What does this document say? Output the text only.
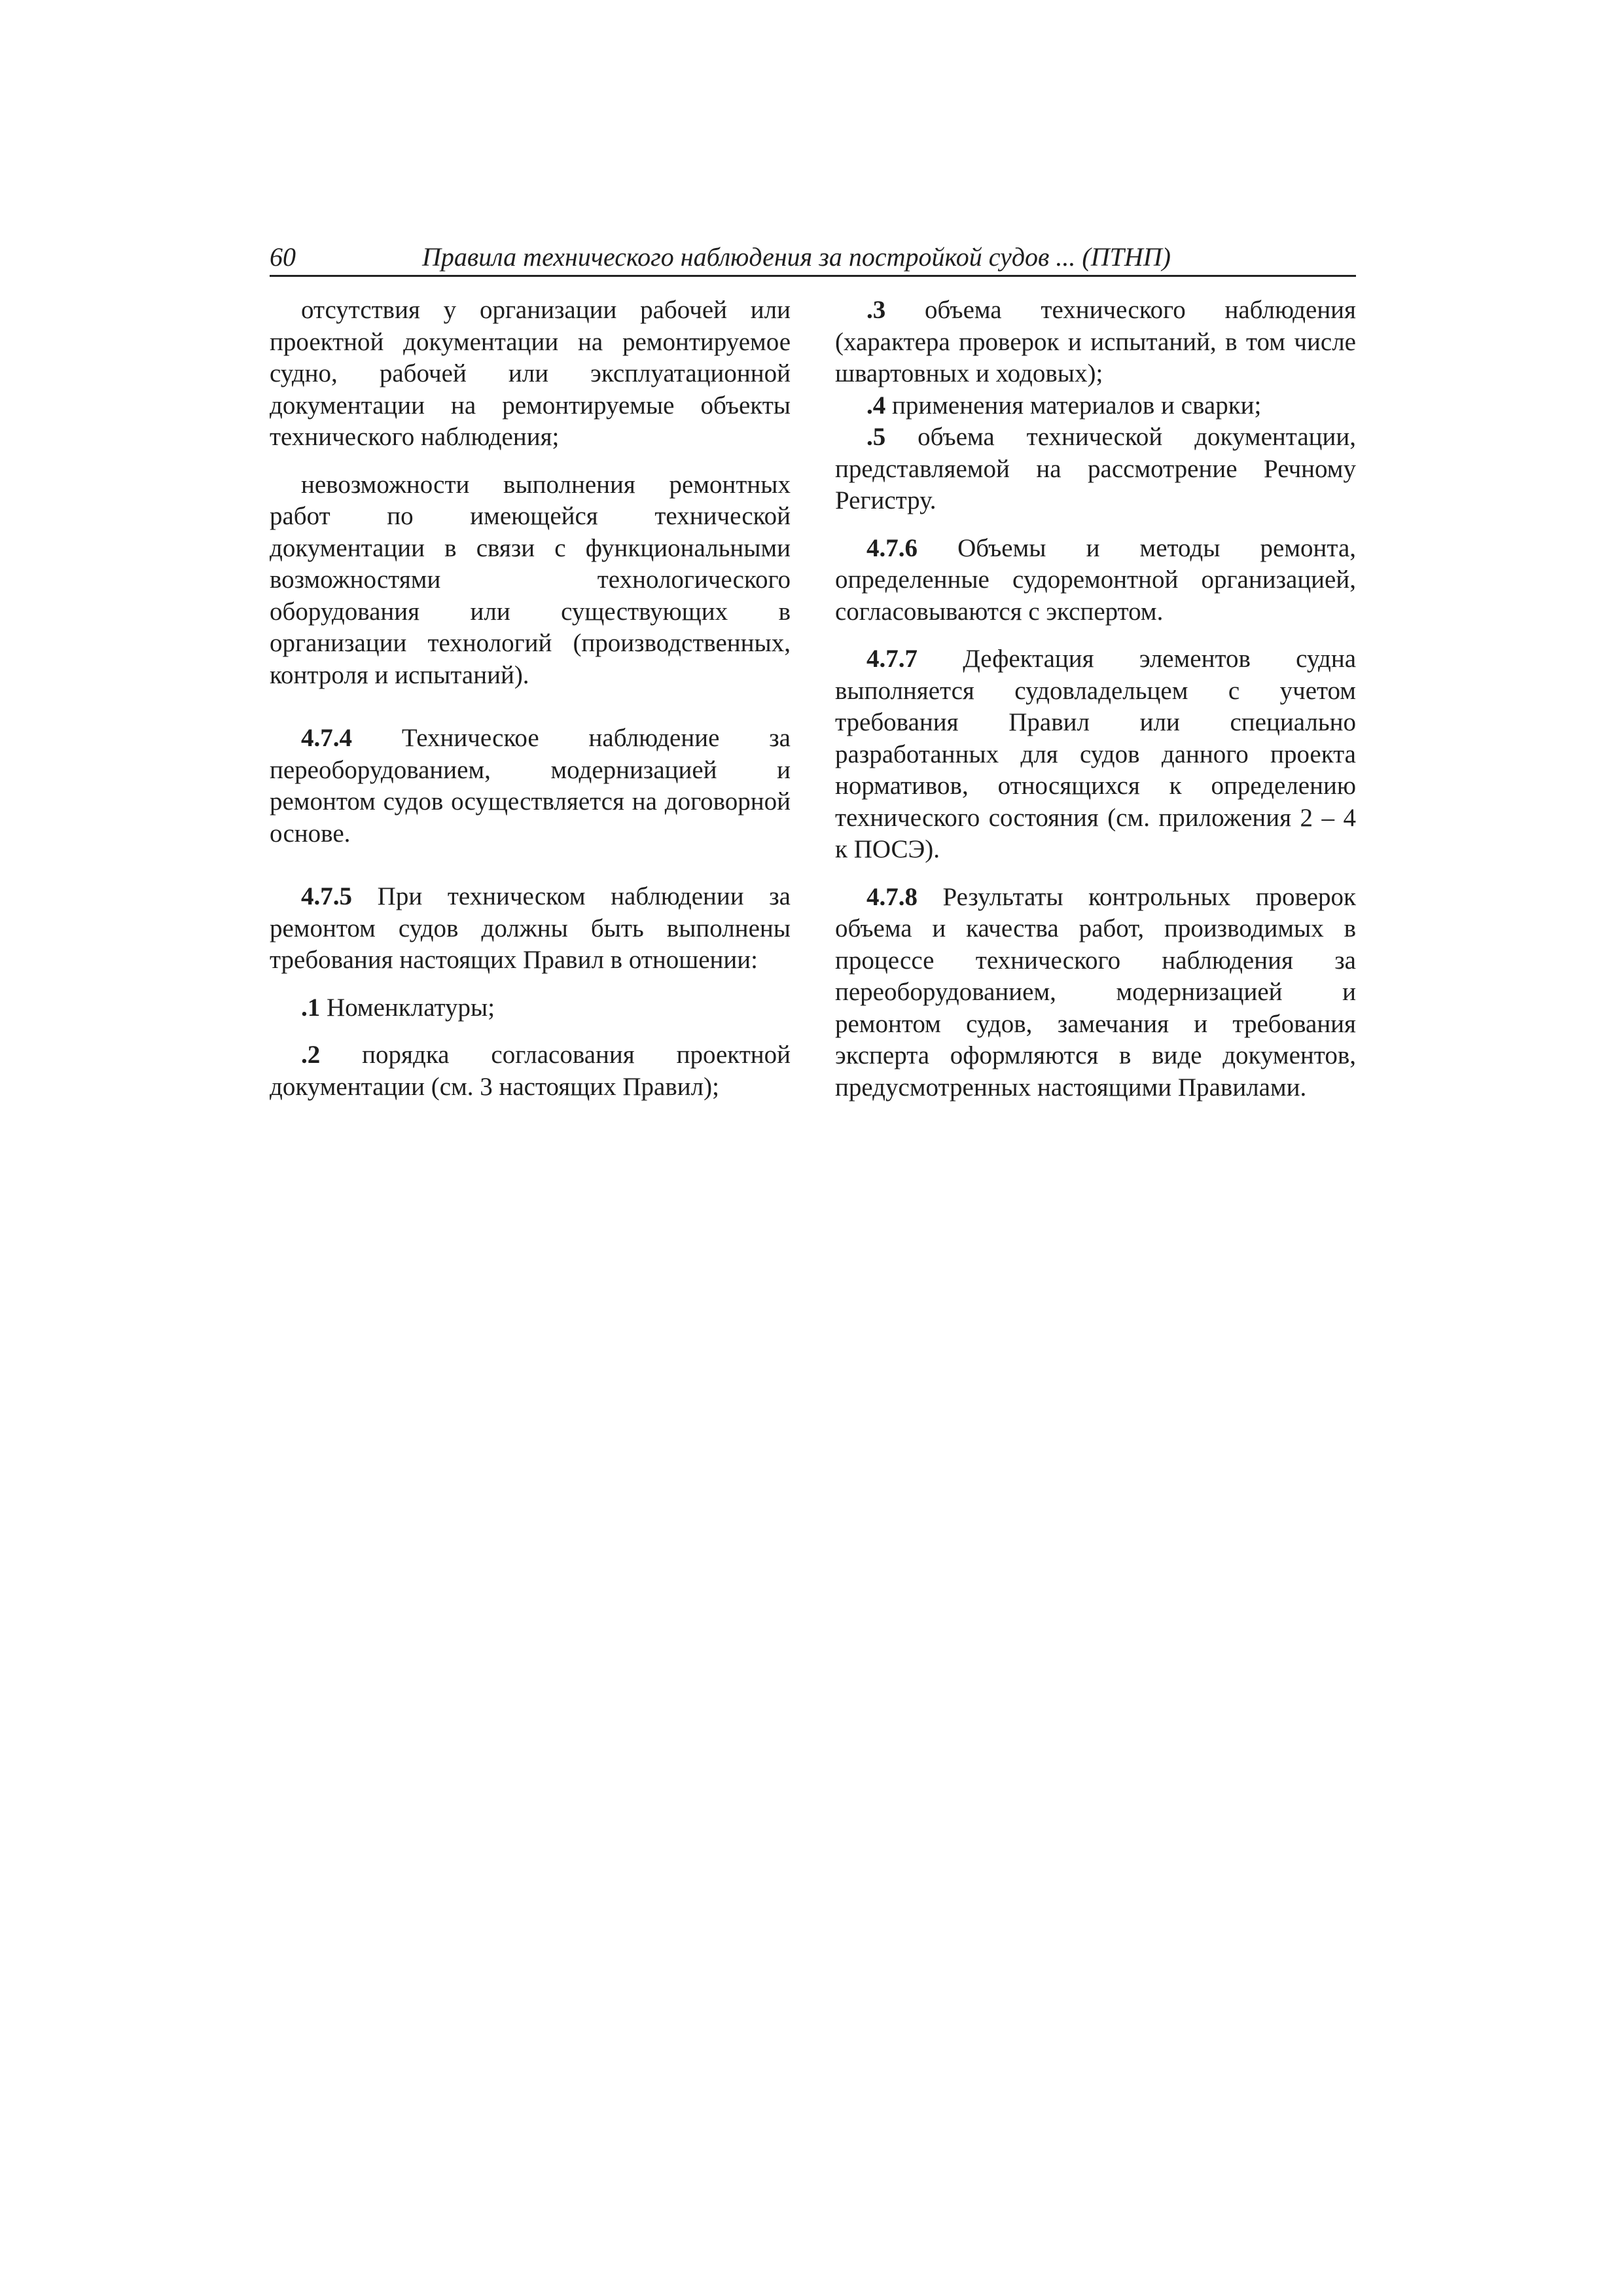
60	Правила технического наблюдения за постройкой судов ... (ПТНП)

отсутствия у организации рабочей или проектной документации на ремонтируемое судно, рабочей или эксплуатационной документации на ремонтируемые объекты технического наблюдения;

невозможности выполнения ремонтных работ по имеющейся технической документации в связи с функциональными возможностями технологического оборудования или существующих в организации технологий (производственных, контроля и испытаний).

4.7.4 Техническое наблюдение за переоборудованием, модернизацией и ремонтом судов осуществляется на договорной основе.

4.7.5 При техническом наблюдении за ремонтом судов должны быть выполнены требования настоящих Правил в отношении:

.1 Номенклатуры;

.2 порядка согласования проектной документации (см. 3 настоящих Правил);

.3 объема технического наблюдения (характера проверок и испытаний, в том числе швартовных и ходовых);

.4 применения материалов и сварки;

.5 объема технической документации, представляемой на рассмотрение Речному Регистру.

4.7.6 Объемы и методы ремонта, определенные судоремонтной организацией, согласовываются с экспертом.

4.7.7 Дефектация элементов судна выполняется судовладельцем с учетом требования Правил или специально разработанных для судов данного проекта нормативов, относящихся к определению технического состояния (см. приложения 2 – 4 к ПОСЭ).

4.7.8 Результаты контрольных проверок объема и качества работ, производимых в процессе технического наблюдения за переоборудованием, модернизацией и ремонтом судов, замечания и требования эксперта оформляются в виде документов, предусмотренных настоящими Правилами.
